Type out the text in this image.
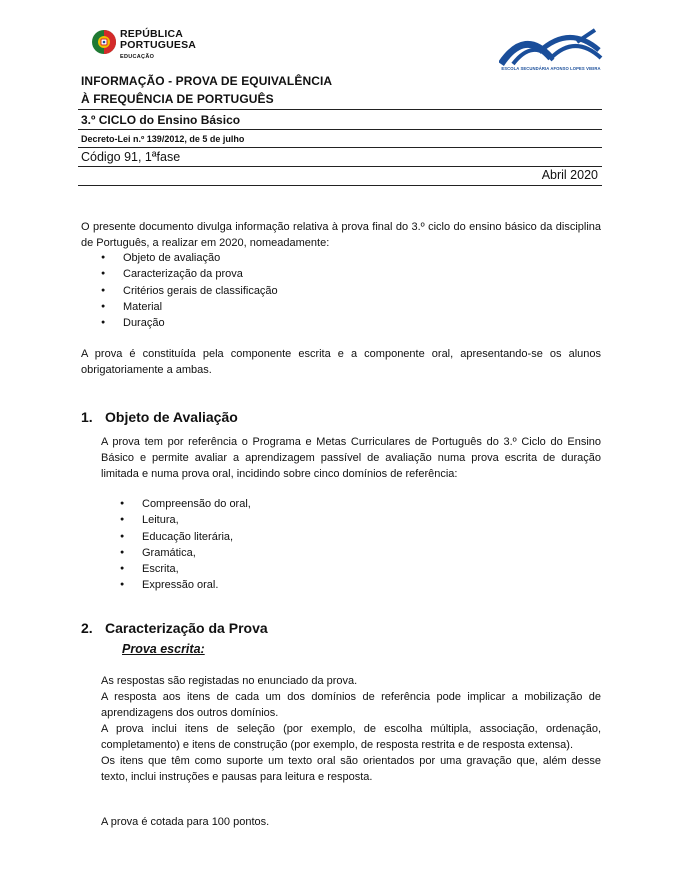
REPÚBLICA
PORTUGUESA
EDUCAÇÃO
ESCOLA SECUNDÁRIA AFONSO LOPES VIEIRA
INFORMAÇÃO - PROVA DE EQUIVALÊNCIA
À FREQUÊNCIA DE PORTUGUÊS
3.º CICLO do Ensino Básico
Decreto-Lei n.º 139/2012, de 5 de julho
Código 91, 1ªfase
Abril 2020
O presente documento divulga informação relativa à prova final do 3.º ciclo do ensino básico da disciplina de Português, a realizar em 2020, nomeadamente:
● Objeto de avaliação
● Caracterização da prova
● Critérios gerais de classificação
● Material
● Duração
A prova é constituída pela componente escrita e a componente oral, apresentando-se os alunos obrigatoriamente a ambas.
1. Objeto de Avaliação
A prova tem por referência o Programa e Metas Curriculares de Português do 3.º Ciclo do Ensino Básico e permite avaliar a aprendizagem passível de avaliação numa prova escrita de duração limitada e numa prova oral, incidindo sobre cinco domínios de referência:
● Compreensão do oral,
● Leitura,
● Educação literária,
● Gramática,
● Escrita,
● Expressão oral.
2. Caracterização da Prova
Prova escrita:
As respostas são registadas no enunciado da prova.
A resposta aos itens de cada um dos domínios de referência pode implicar a mobilização de aprendizagens dos outros domínios.
A prova inclui itens de seleção (por exemplo, de escolha múltipla, associação, ordenação, completamento) e itens de construção (por exemplo, de resposta restrita e de resposta extensa).
Os itens que têm como suporte um texto oral são orientados por uma gravação que, além desse texto, inclui instruções e pausas para leitura e resposta.
A prova é cotada para 100 pontos.
